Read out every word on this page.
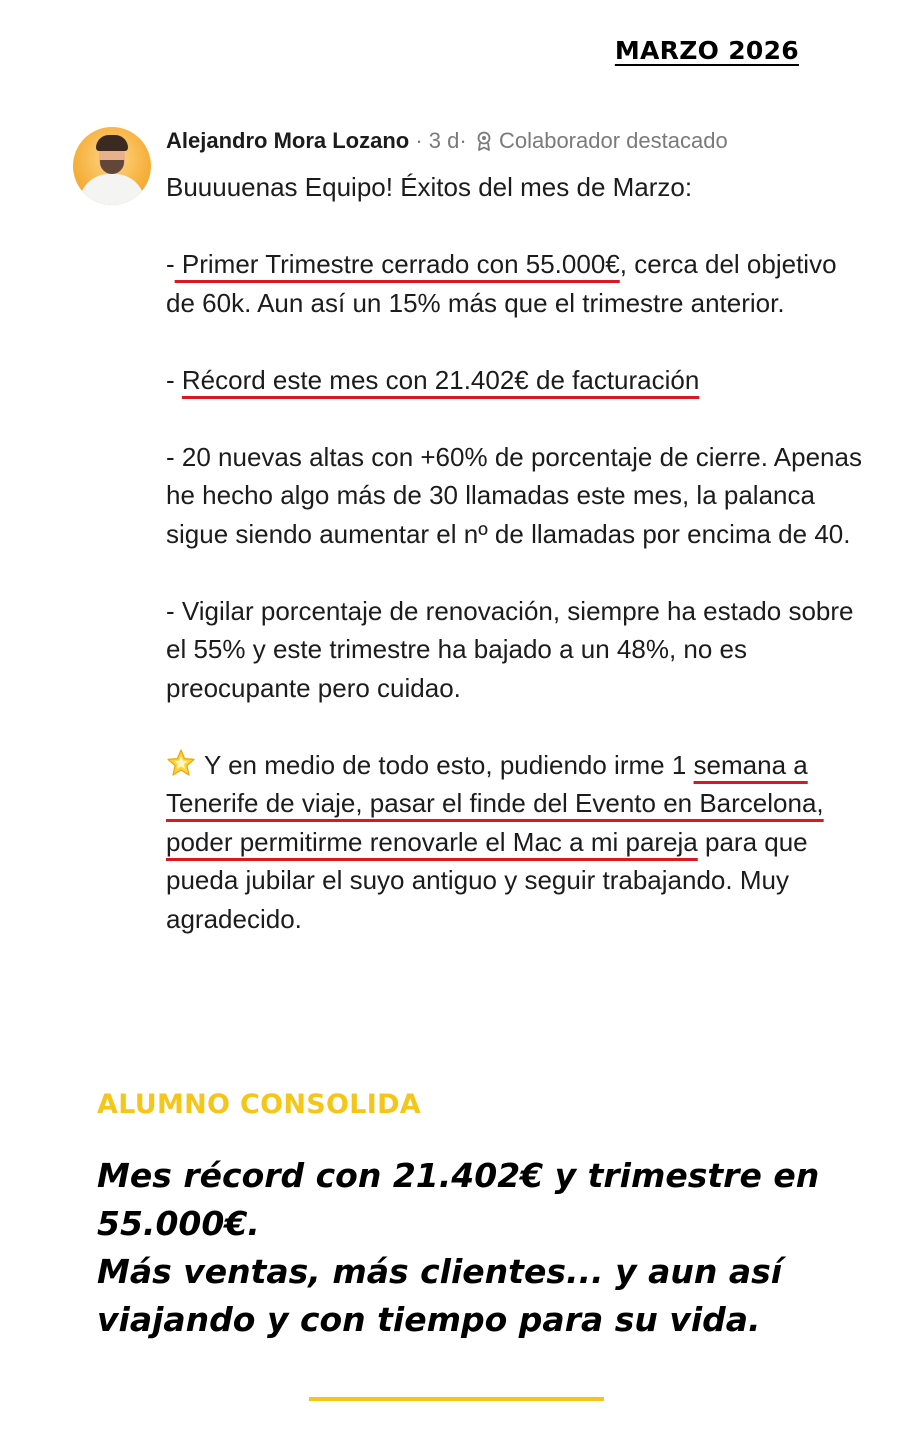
MARZO 2026
Alejandro Mora Lozano · 3 d· Colaborador destacado

Buuuuenas Equipo! Éxitos del mes de Marzo:

- Primer Trimestre cerrado con 55.000€, cerca del objetivo de 60k. Aun así un 15% más que el trimestre anterior.

- Récord este mes con 21.402€ de facturación

- 20 nuevas altas con +60% de porcentaje de cierre. Apenas he hecho algo más de 30 llamadas este mes, la palanca sigue siendo aumentar el nº de llamadas por encima de 40.

- Vigilar porcentaje de renovación, siempre ha estado sobre el 55% y este trimestre ha bajado a un 48%, no es preocupante pero cuidao.

Y en medio de todo esto, pudiendo irme 1 semana a Tenerife de viaje, pasar el finde del Evento en Barcelona, poder permitirme renovarle el Mac a mi pareja para que pueda jubilar el suyo antiguo y seguir trabajando. Muy agradecido.

ALUMNO CONSOLIDA
Mes récord con 21.402€ y trimestre en 55.000€.
Más ventas, más clientes... y aun así viajando y con tiempo para su vida.
